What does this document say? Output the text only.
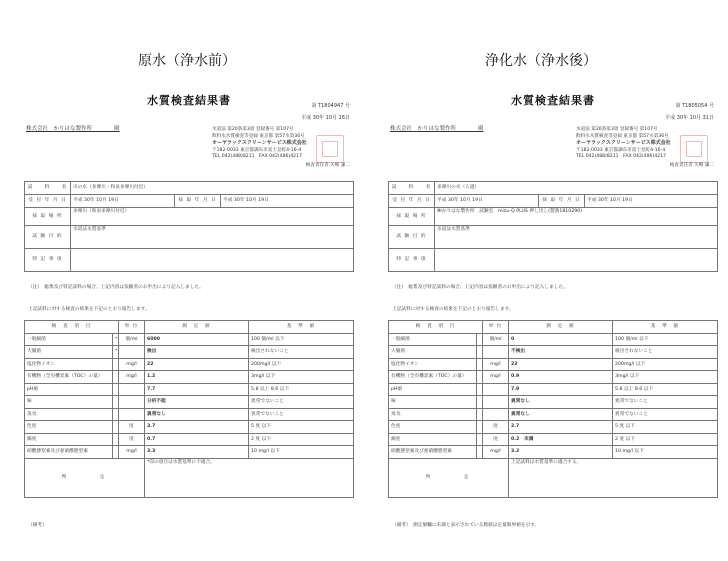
原水（浄水前）	浄化水（浄水後）
水質検査結果書	第 T1804947 号
平成 30年 10月 26日
株式会社　かりはな製作所　　　　殿	水道法 第20条第3項 登録番号 第107号
飲料水水質検査等登録 東京都 第57水第36号
オーヤラックスクリーンサービス株式会社
〒182-0033 東京都調布市富士見町4-16-4
TEL 042(488)8211　FAX 042(486)4217
検査責任者 矢嶋 謙二
試　　料　　名	川の水（多摩川・和泉多摩川付近）		
受 付 年 月 日	平成 30年 10月 19日	採 取 年 月 日	平成 30年 10月 19日
採 取 場 所	多摩川（和泉多摩川付近）		
試 験 目 的	水道法水質基準		
特 記 事 項			
（注）　総集及び特記試料の場合、上記内容は依頼者のお申出により記入しました。
上記試料に対する検査の結果を下記のとおり報告します。
検　査　項　目		単 位	測　定　値	基　準　値
一般細菌	*	個/ml	6000	100 個/ml 以下
大腸菌	*		検出	検出されないこと
塩化物イオン		mg/l	22	200mg/l 以下
有機物（全有機炭素（TOC）の量）		mg/l	1.2	3mg/l 以下
pH値			7.7	5.8 以上 8.6 以下
味			分析不能	異常でないこと
臭気			異常なし	異常でないこと
色度		度	3.7	5 度 以下
濁度		度	0.7	2 度 以下
硝酸態窒素及び亜硝酸態窒素		mg/l	3.3	10 mg/l 以下
判　　　　定			*印の項目は水質基準に不適合。	
（備考）
水質検査結果書	第 T1805054 号
平成 30年 10月 31日
株式会社　かりはな製作所　　　　殿	水道法 第20条第3項 登録番号 第107号
飲料水水質検査等登録 東京都 第57水第36号
オーヤラックスクリーンサービス株式会社
〒182-0033 東京都調布市富士見町4-16-4
TEL 042(488)8211　FAX 042(486)4217
検査責任者 矢嶋 謙二
試　　料　　名	多摩川の水（ろ過）		
受 付 年 月 日	平成 30年 10月 19日	採 取 年 月 日	平成 30年 10月 19日
採 取 場 所	㈱かりはな製作所　試験室　mizu-Q PLUS 押し出し(製番1810290)		
試 験 目 的	水道法水質基準		
特 記 事 項			
（注）　総集及び特記試料の場合、上記内容は依頼者のお申出により記入しました。
上記試料に対する検査の結果を下記のとおり報告します。
検　査　項　目		単 位	測　定　値	基　準　値
一般細菌		個/ml	0	100 個/ml 以下
大腸菌			不検出	検出されないこと
塩化物イオン		mg/l	22	200mg/l 以下
有機物（全有機炭素（TOC）の量）		mg/l	0.9	3mg/l 以下
pH値			7.9	5.8 以上 8.6 以下
味			異常なし	異常でないこと
臭気			異常なし	異常でないこと
色度		度	2.7	5 度 以下
濁度		度	0.2　未満	2 度 以下
硝酸態窒素及び亜硝酸態窒素		mg/l	3.2	10 mg/l 以下
判　　　　定			上記試料は水質基準に適合する。	
（備考）　測定値欄に未満と表示されている数値は定量限界値を示す。
